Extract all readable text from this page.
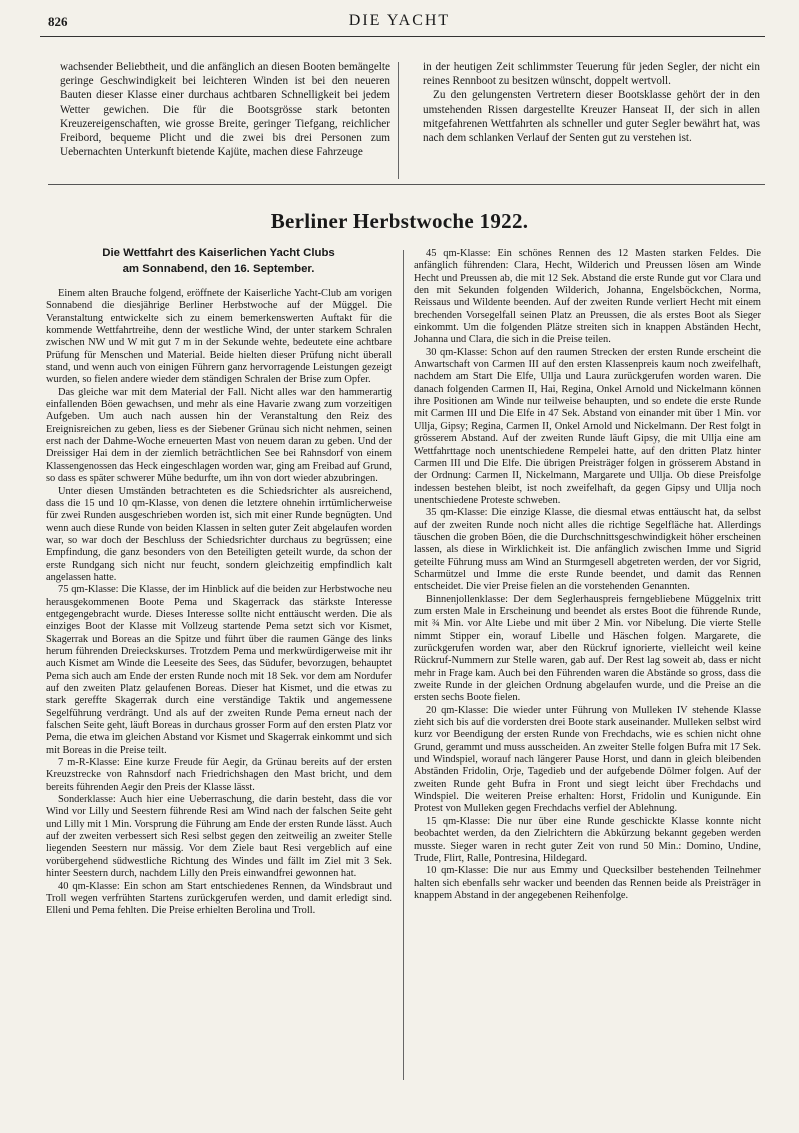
826	DIE YACHT

wachsender Beliebtheit, und die anfänglich an diesen Booten bemängelte geringe Geschwindigkeit bei leichteren Winden ist bei den neueren Bauten dieser Klasse einer durchaus achtbaren Schnelligkeit bei jedem Wetter gewichen. Die für die Bootsgrösse stark betonten Kreuzereigenschaften, wie grosse Breite, geringer Tiefgang, reichlicher Freibord, bequeme Plicht und die zwei bis drei Personen zum Uebernachten Unterkunft bietende Kajüte, machen diese Fahrzeuge

in der heutigen Zeit schlimmster Teuerung für jeden Segler, der nicht ein reines Rennboot zu besitzen wünscht, doppelt wertvoll.

Zu den gelungensten Vertretern dieser Bootsklasse gehört der in den umstehenden Rissen dargestellte Kreuzer Hanseat II, der sich in allen mitgefahrenen Wettfahrten als schneller und guter Segler bewährt hat, was nach dem schlanken Verlauf der Senten gut zu verstehen ist.

Berliner Herbstwoche 1922.
Die Wettfahrt des Kaiserlichen Yacht Clubs
am Sonnabend, den 16. September.

Einem alten Brauche folgend, eröffnete der Kaiserliche Yacht-Club am vorigen Sonnabend die diesjährige Berliner Herbstwoche auf der Müggel. Die Veranstaltung entwickelte sich zu einem bemerkenswerten Auftakt für die kommende Wettfahrtreihe, denn der westliche Wind, der unter starkem Schralen zwischen NW und W mit gut 7 m in der Sekunde wehte, bedeutete eine achtbare Prüfung für Menschen und Material. Beide hielten dieser Prüfung nicht überall stand, und wenn auch von einigen Führern ganz hervorragende Leistungen gezeigt wurden, so fielen andere wieder dem ständigen Schralen der Brise zum Opfer.

Das gleiche war mit dem Material der Fall. Nicht alles war den hammerartig einfallenden Böen gewachsen, und mehr als eine Havarie zwang zum vorzeitigen Aufgeben. Um auch nach aussen hin der Veranstaltung den Reiz des Ereignisreichen zu geben, liess es der Siebener Grünau sich nicht nehmen, seinen erst nach der Dahme-Woche erneuerten Mast von neuem daran zu geben. Und der Dreissiger Hai dem in der ziemlich beträchtlichen See bei Rahnsdorf von einem Klassengenossen das Heck eingeschlagen worden war, ging am Freibad auf Grund, so dass es später schwerer Mühe bedurfte, um ihn von dort wieder abzubringen.

Unter diesen Umständen betrachteten es die Schiedsrichter als ausreichend, dass die 15 und 10 qm-Klasse, von denen die letztere ohnehin irrtümlicherweise für zwei Runden ausgeschrieben worden ist, sich mit einer Runde begnügten. Und wenn auch diese Runde von beiden Klassen in selten guter Zeit abgelaufen worden war, so war doch der Beschluss der Schiedsrichter durchaus zu begrüssen; eine Empfindung, die ganz besonders von den Beteiligten geteilt wurde, da schon der erste Rundgang sich nicht nur feucht, sondern gleichzeitig empfindlich kalt angelassen hatte.

75 qm-Klasse: Die Klasse, der im Hinblick auf die beiden zur Herbstwoche neu herausgekommenen Boote Pema und Skagerrack das stärkste Interesse entgegengebracht wurde. Dieses Interesse sollte nicht enttäuscht werden. Die als einziges Boot der Klasse mit Vollzeug startende Pema setzt sich vor Kismet, Skagerrak und Boreas an die Spitze und führt über die raumen Gänge des links herum führenden Dreieckskurses. Trotzdem Pema und merkwürdigerweise mit ihr auch Kismet am Winde die Leeseite des Sees, das Südufer, bevorzugen, behauptet Pema sich auch am Ende der ersten Runde noch mit 18 Sek. vor dem am Nordufer auf den zweiten Platz gelaufenen Boreas. Dieser hat Kismet, und die etwas zu stark gereffte Skagerrak durch eine verständige Taktik und angemessene Segelführung verdrängt. Und als auf der zweiten Runde Pema erneut nach der falschen Seite geht, läuft Boreas in durchaus grosser Form auf den ersten Platz vor Pema, die etwa im gleichen Abstand vor Kismet und Skagerrak einkommt und sich mit Boreas in die Preise teilt.

7 m-R-Klasse: Eine kurze Freude für Aegir, da Grünau bereits auf der ersten Kreuzstrecke von Rahnsdorf nach Friedrichshagen den Mast bricht, und dem bereits führenden Aegir den Preis der Klasse lässt.

Sonderklasse: Auch hier eine Ueberraschung, die darin besteht, dass die vor Wind vor Lilly und Seestern führende Resi am Wind nach der falschen Seite geht und Lilly mit 1 Min. Vorsprung die Führung am Ende der ersten Runde lässt. Auch auf der zweiten verbessert sich Resi selbst gegen den zeitweilig an zweiter Stelle liegenden Seestern nur mässig. Vor dem Ziele baut Resi vergeblich auf eine vorübergehend südwestliche Richtung des Windes und fällt im Ziel mit 3 Sek. hinter Seestern durch, nachdem Lilly den Preis einwandfrei gewonnen hat.

40 qm-Klasse: Ein schon am Start entschiedenes Rennen, da Windsbraut und Troll wegen verfrühten Startens zurückgerufen werden, und damit erledigt sind. Elleni und Pema fehlten. Die Preise erhielten Berolina und Troll.

45 qm-Klasse: Ein schönes Rennen des 12 Masten starken Feldes. Die anfänglich führenden: Clara, Hecht, Wilderich und Preussen lösen am Winde Hecht und Preussen ab, die mit 12 Sek. Abstand die erste Runde gut vor Clara und den mit Sekunden folgenden Wilderich, Johanna, Engelsböckchen, Norma, Reissaus und Wildente beenden. Auf der zweiten Runde verliert Hecht mit einem brechenden Vorsegelfall seinen Platz an Preussen, die als erstes Boot als Sieger einkommt. Um die folgenden Plätze streiten sich in knappen Abständen Hecht, Johanna und Clara, die sich in die Preise teilen.

30 qm-Klasse: Schon auf den raumen Strecken der ersten Runde erscheint die Anwartschaft von Carmen III auf den ersten Klassenpreis kaum noch zweifelhaft, nachdem am Start Die Elfe, Ullja und Laura zurückgerufen worden waren. Die danach folgenden Carmen II, Hai, Regina, Onkel Arnold und Nickelmann können ihre Positionen am Winde nur teilweise behaupten, und so endete die erste Runde mit Carmen III und Die Elfe in 47 Sek. Abstand von einander mit über 1 Min. vor Ullja, Gipsy; Regina, Carmen II, Onkel Arnold und Nickelmann. Der Rest folgt in grösserem Abstand. Auf der zweiten Runde läuft Gipsy, die mit Ullja eine am Wettfahrttage noch unentschiedene Rempelei hatte, auf den dritten Platz hinter Carmen III und Die Elfe. Die übrigen Preisträger folgen in grösserem Abstand in der Ordnung: Carmen II, Nickelmann, Margarete und Ullja. Ob diese Preisfolge indessen bestehen bleibt, ist noch zweifelhaft, da gegen Gipsy und Ullja noch unentschiedene Proteste schweben.

35 qm-Klasse: Die einzige Klasse, die diesmal etwas enttäuscht hat, da selbst auf der zweiten Runde noch nicht alles die richtige Segelfläche hat. Allerdings täuschen die groben Böen, die die Durchschnittsgeschwindigkeit höher erscheinen lassen, als diese in Wirklichkeit ist. Die anfänglich zwischen Imme und Sigrid geteilte Führung muss am Wind an Sturmgesell abgetreten werden, der vor Sigrid, Scharmützel und Imme die erste Runde beendet, und damit das Rennen entscheidet. Die vier Preise fielen an die vorstehenden Genannten.

Binnenjollenklasse: Der dem Seglerhauspreis ferngebliebene Müggelnix tritt zum ersten Male in Erscheinung und beendet als erstes Boot die führende Runde, mit ¾ Min. vor Alte Liebe und mit über 2 Min. vor Nibelung. Die vierte Stelle nimmt Stipper ein, worauf Libelle und Häschen folgen. Margarete, die zurückgerufen worden war, aber den Rückruf ignorierte, vielleicht weil keine Rückruf-Nummern zur Stelle waren, gab auf. Der Rest lag soweit ab, dass er nicht mehr in Frage kam. Auch bei den Führenden waren die Abstände so gross, dass die zweite Runde in der gleichen Ordnung abgelaufen wurde, und die Preise an die ersten sechs Boote fielen.

20 qm-Klasse: Die wieder unter Führung von Mulleken IV stehende Klasse zieht sich bis auf die vordersten drei Boote stark auseinander. Mulleken selbst wird kurz vor Beendigung der ersten Runde von Frechdachs, wie es schien nicht ohne Grund, gerammt und muss ausscheiden. An zweiter Stelle folgen Bufra mit 17 Sek. und Windspiel, worauf nach längerer Pause Horst, und dann in gleich bleibenden Abständen Fridolin, Orje, Tagedieb und der aufgebende Dölmer folgen. Auf der zweiten Runde geht Bufra in Front und siegt leicht über Frechdachs und Windspiel. Die weiteren Preise erhalten: Horst, Fridolin und Kunigunde. Ein Protest von Mulleken gegen Frechdachs verfiel der Ablehnung.

15 qm-Klasse: Die nur über eine Runde geschickte Klasse konnte nicht beobachtet werden, da den Zielrichtern die Abkürzung bekannt gegeben werden musste. Sieger waren in recht guter Zeit von rund 50 Min.: Domino, Undine, Trude, Flirt, Ralle, Pontresina, Hildegard.

10 qm-Klasse: Die nur aus Emmy und Quecksilber bestehenden Teilnehmer halten sich ebenfalls sehr wacker und beenden das Rennen beide als Preisträger in knappem Abstand in der angegebenen Reihenfolge.
